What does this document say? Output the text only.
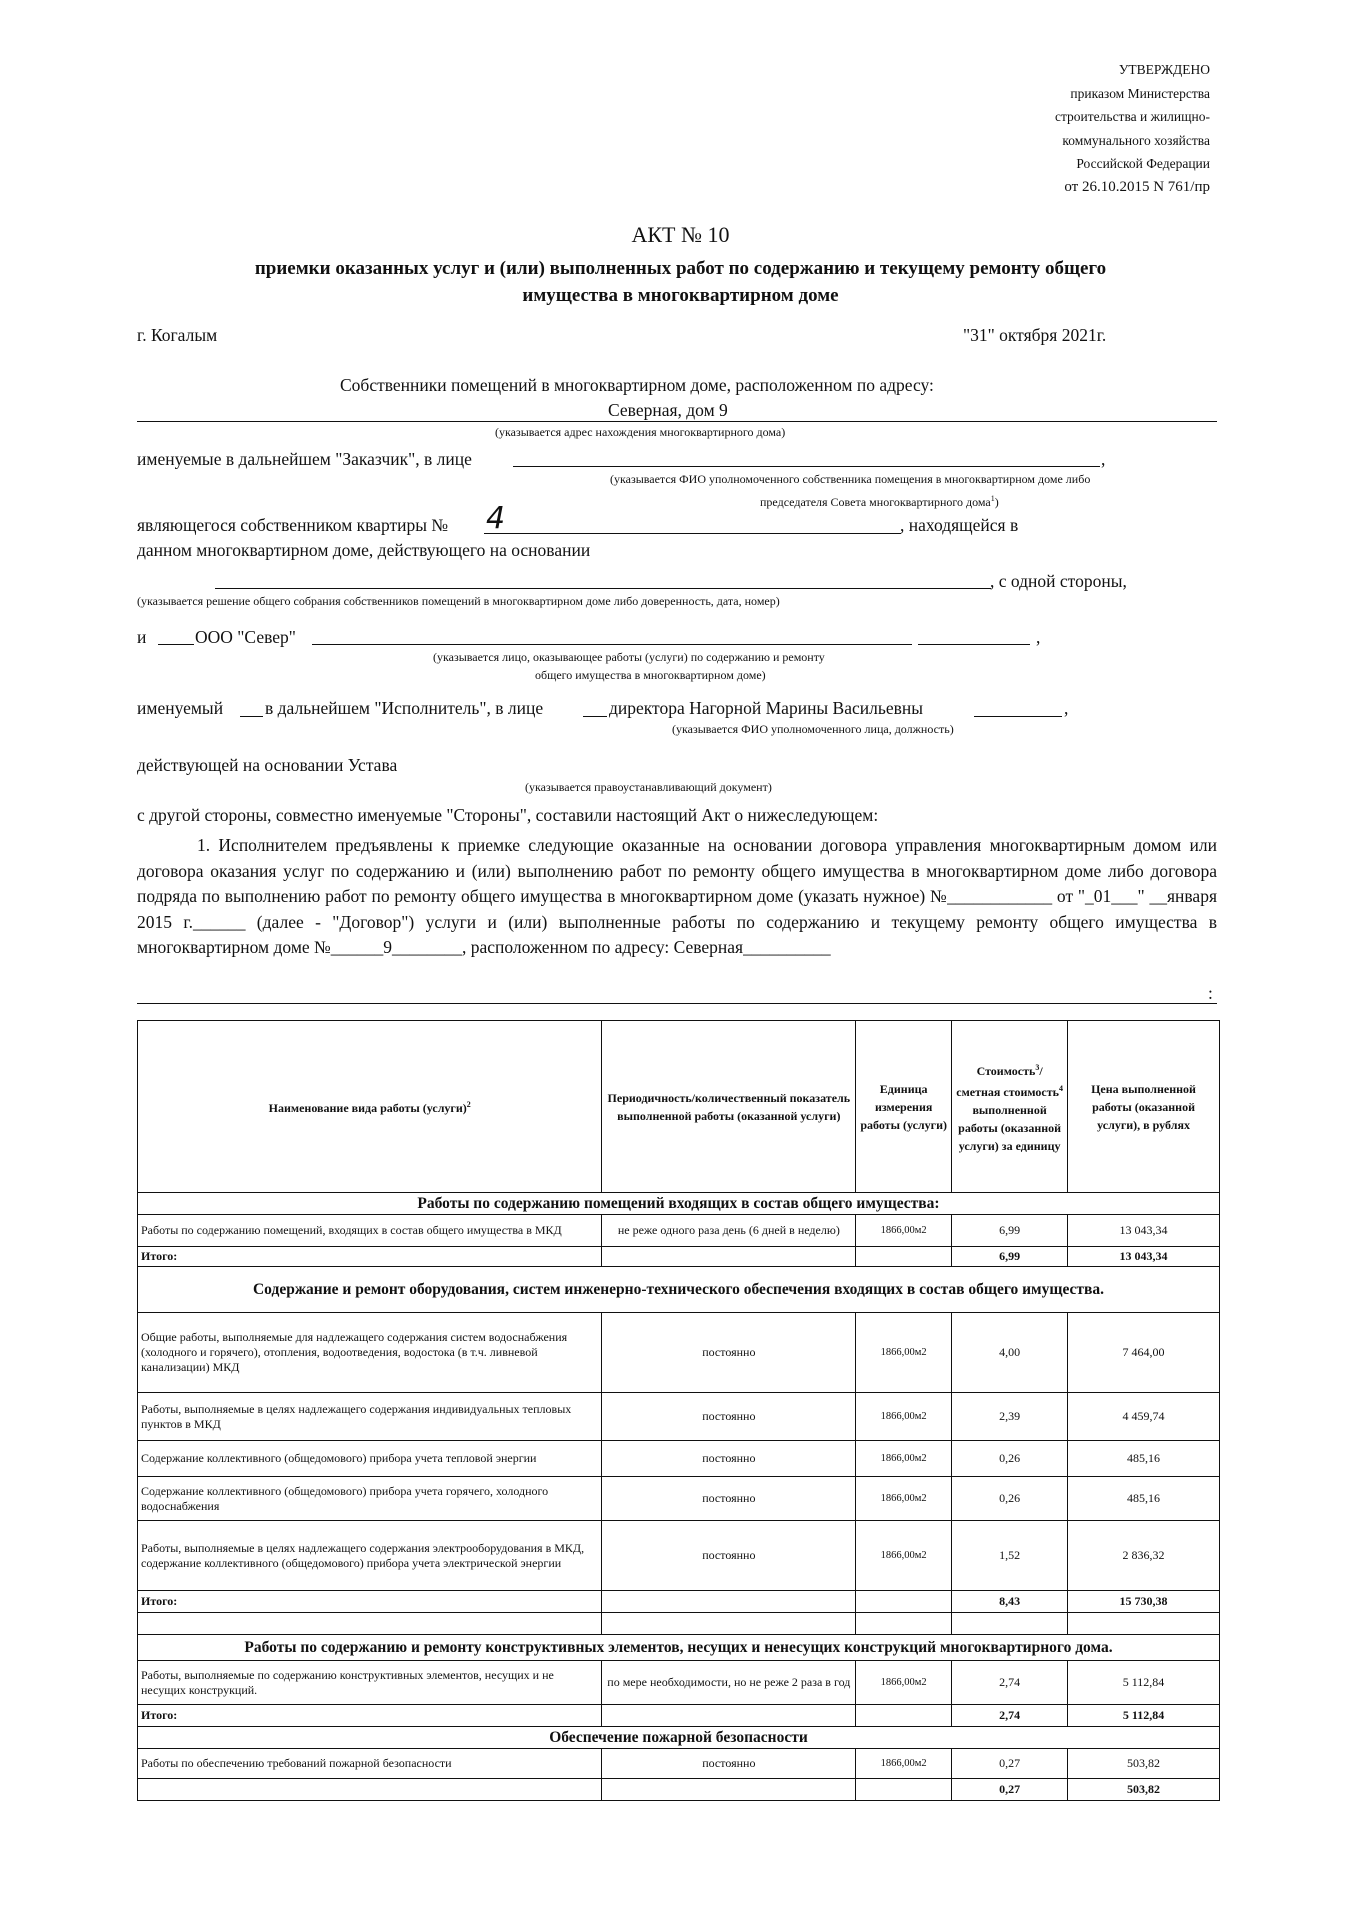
УТВЕРЖДЕНО
приказом Министерства
строительства и жилищно-
коммунального хозяйства
Российской Федерации
от 26.10.2015 N 761/пр
АКТ № 10
приемки оказанных услуг и (или) выполненных работ по содержанию и текущему ремонту общего
имущества в многоквартирном доме
г. Когалым	"31" октября 2021г.
Собственники помещений в многоквартирном доме, расположенном по адресу:
Северная, дом 9
(указывается адрес нахождения многоквартирного дома)
именуемые в дальнейшем "Заказчик", в лице	,
(указывается ФИО уполномоченного собственника помещения в многоквартирном доме либо
председателя Совета многоквартирного дома$^1$)
являющегося собственником квартиры № 4	, находящейся в
данном многоквартирном доме, действующего на основании
, с одной стороны,
(указывается решение общего собрания собственников помещений в многоквартирном доме либо доверенность, дата, номер)
и	ООО "Север"	,
(указывается лицо, оказывающее работы (услуги) по содержанию и ремонту
общего имущества в многоквартирном доме)
именуемый в дальнейшем "Исполнитель", в лице	директора Нагорной Марины Васильевны	,
(указывается ФИО уполномоченного лица, должность)
действующей на основании Устава
(указывается правоустанавливающий документ)
с другой стороны, совместно именуемые "Стороны", составили настоящий Акт о нижеследующем:
1. Исполнителем предъявлены к приемке следующие оказанные на основании договора управления многоквартирным домом или договора оказания услуг по содержанию и (или) выполнению работ по ремонту общего имущества в многоквартирном доме либо договора подряда по выполнению работ по ремонту общего имущества в многоквартирном доме (указать нужное) №____________ от "_01___" __января 2015 г.______ (далее - "Договор") услуги и (или) выполненные работы по содержанию и текущему ремонту общего имущества в многоквартирном доме №______9________, расположенном по адресу: Северная__________
:
Наименование вида работы (услуги)$^2$	Периодичность/количественный показатель выполненной работы (оказанной услуги)	Единица измерения работы (услуги)	Стоимость$^3$/сметная стоимость$^4$ выполненной работы (оказанной услуги) за единицу	Цена выполненной работы (оказанной услуги), в рублях
Работы по содержанию помещений входящих в состав общего имущества:				
Работы по содержанию помещений, входящих в состав общего имущества в МКД	не реже одного раза день (6 дней в неделю)	1866,00м2	6,99	13 043,34
Итого:			6,99	13 043,34
Содержание и ремонт оборудования, систем инженерно-технического обеспечения входящих в состав общего имущества.				
Общие работы, выполняемые для надлежащего содержания систем водоснабжения (холодного и горячего), отопления, водоотведения, водостока (в т.ч. ливневой канализации) МКД	постоянно	1866,00м2	4,00	7 464,00
Работы, выполняемые в целях надлежащего содержания индивидуальных тепловых пунктов в МКД	постоянно	1866,00м2	2,39	4 459,74
Содержание коллективного (общедомового) прибора учета тепловой энергии	постоянно	1866,00м2	0,26	485,16
Содержание коллективного (общедомового) прибора учета горячего, холодного водоснабжения	постоянно	1866,00м2	0,26	485,16
Работы, выполняемые в целях надлежащего содержания электрооборудования в МКД, содержание коллективного (общедомового) прибора учета электрической энергии	постоянно	1866,00м2	1,52	2 836,32
Итого:			8,43	15 730,38

Работы по содержанию и ремонту конструктивных элементов, несущих и ненесущих конструкций многоквартирного дома.				
Работы, выполняемые по содержанию конструктивных элементов, несущих и не несущих конструкций.	по мере необходимости, но не реже 2 раза в год	1866,00м2	2,74	5 112,84
Итого:			2,74	5 112,84
Обеспечение пожарной безопасности				
Работы по обеспечению требований пожарной безопасности	постоянно	1866,00м2	0,27	503,82
			0,27	503,82
